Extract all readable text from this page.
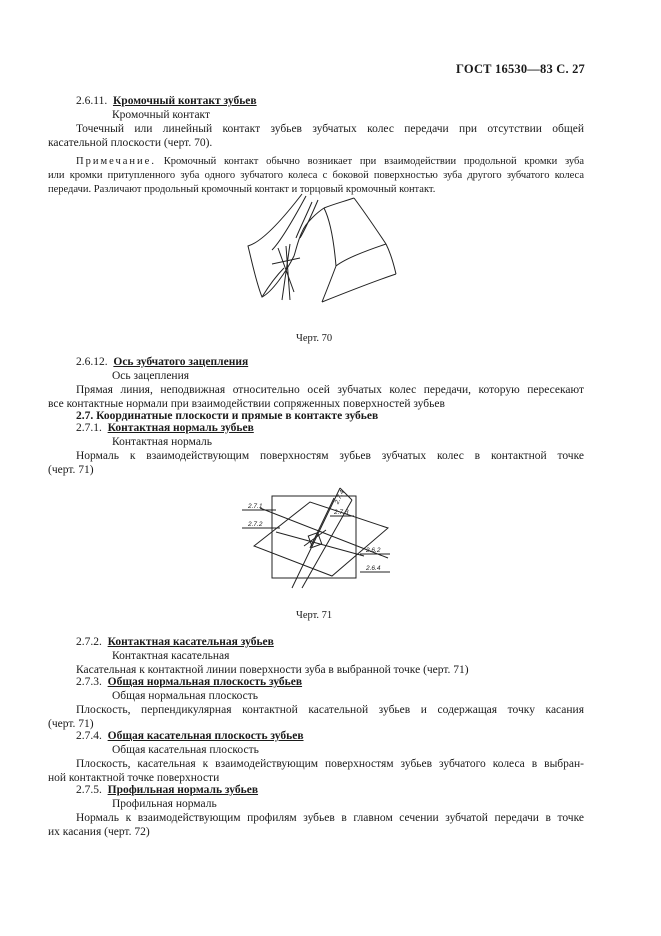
ГОСТ 16530—83 С. 27
2.6.11. Кромочный контакт зубьев
Кромочный контакт
Точечный или линейный контакт зубьев зубчатых колес передачи при отсутствии общей
касательной плоскости (черт. 70).
Примечание. Кромочный контакт обычно возникает при взаимодействии продольной кромки зуба
или кромки притупленного зуба одного зубчатого колеса с боковой поверхностью зуба другого зубчатого колеса
передачи. Различают продольный кромочный контакт и торцовый кромочный контакт.
Черт. 70
2.6.12. Ось зубчатого зацепления
Ось зацепления
Прямая линия, неподвижная относительно осей зубчатых колес передачи, которую пересекают
все контактные нормали при взаимодействии сопряженных поверхностей зубьев
2.7. Координатные плоскости и прямые в контакте зубьев
2.7.1. Контактная нормаль зубьев
Контактная нормаль
Нормаль к взаимодействующим поверхностям зубьев зубчатых колес в контактной точке
(черт. 71)
2.7.1
2.7.2
2.7.3
2.7.4
2.6.2
2.6.4
Черт. 71
2.7.2. Контактная касательная зубьев
Контактная касательная
Касательная к контактной линии поверхности зуба в выбранной точке (черт. 71)
2.7.3. Общая нормальная плоскость зубьев
Общая нормальная плоскость
Плоскость, перпендикулярная контактной касательной зубьев и содержащая точку касания
(черт. 71)
2.7.4. Общая касательная плоскость зубьев
Общая касательная плоскость
Плоскость, касательная к взаимодействующим поверхностям зубьев зубчатого колеса в выбран-
ной контактной точке поверхности
2.7.5. Профильная нормаль зубьев
Профильная нормаль
Нормаль к взаимодействующим профилям зубьев в главном сечении зубчатой передачи в точке
их касания (черт. 72)
